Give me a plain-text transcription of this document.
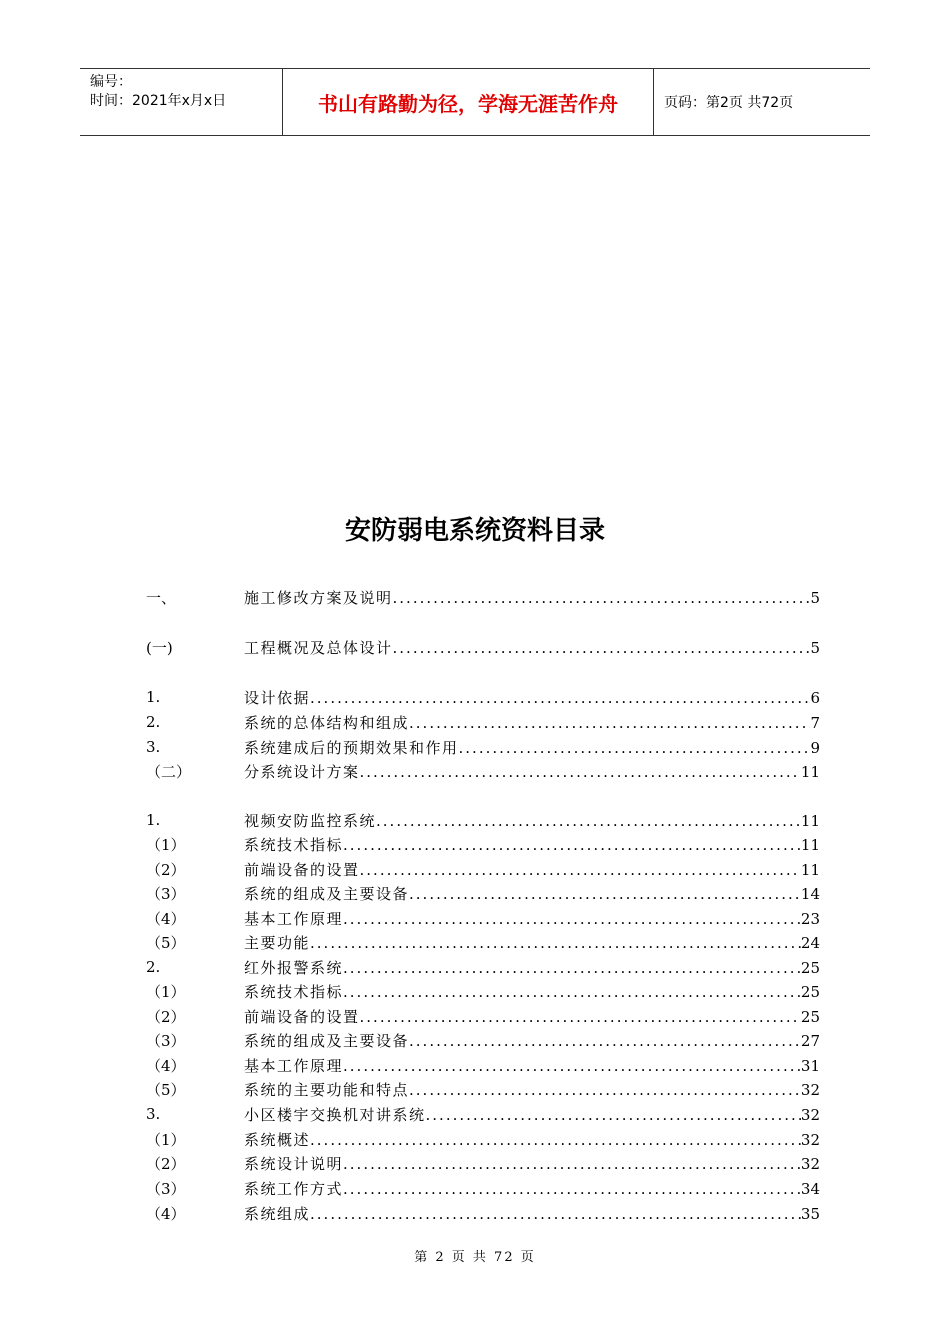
编号：
时间：2021年x月x日	书山有路勤为径，学海无涯苦作舟	页码：第2页 共72页
安防弱电系统资料目录
一、	施工修改方案及说明 .....	5
(一)	工程概况及总体设计 .....	5
1.	设计依据 .....	6
2.	系统的总体结构和组成 .....	7
3.	系统建成后的预期效果和作用 .....	9
（二）	分系统设计方案 .....	11
1.	视频安防监控系统 .....	11
（1）	系统技术指标 .....	11
（2）	前端设备的设置 .....	11
（3）	系统的组成及主要设备 .....	14
（4）	基本工作原理 .....	23
（5）	主要功能 .....	24
2.	红外报警系统 .....	25
（1）	系统技术指标 .....	25
（2）	前端设备的设置 .....	25
（3）	系统的组成及主要设备 .....	27
（4）	基本工作原理 .....	31
（5）	系统的主要功能和特点 .....	32
3.	小区楼宇交换机对讲系统 .....	32
（1）	系统概述 .....	32
（2）	系统设计说明 .....	32
（3）	系统工作方式 .....	34
（4）	系统组成 .....	35
第 2 页 共 72 页
